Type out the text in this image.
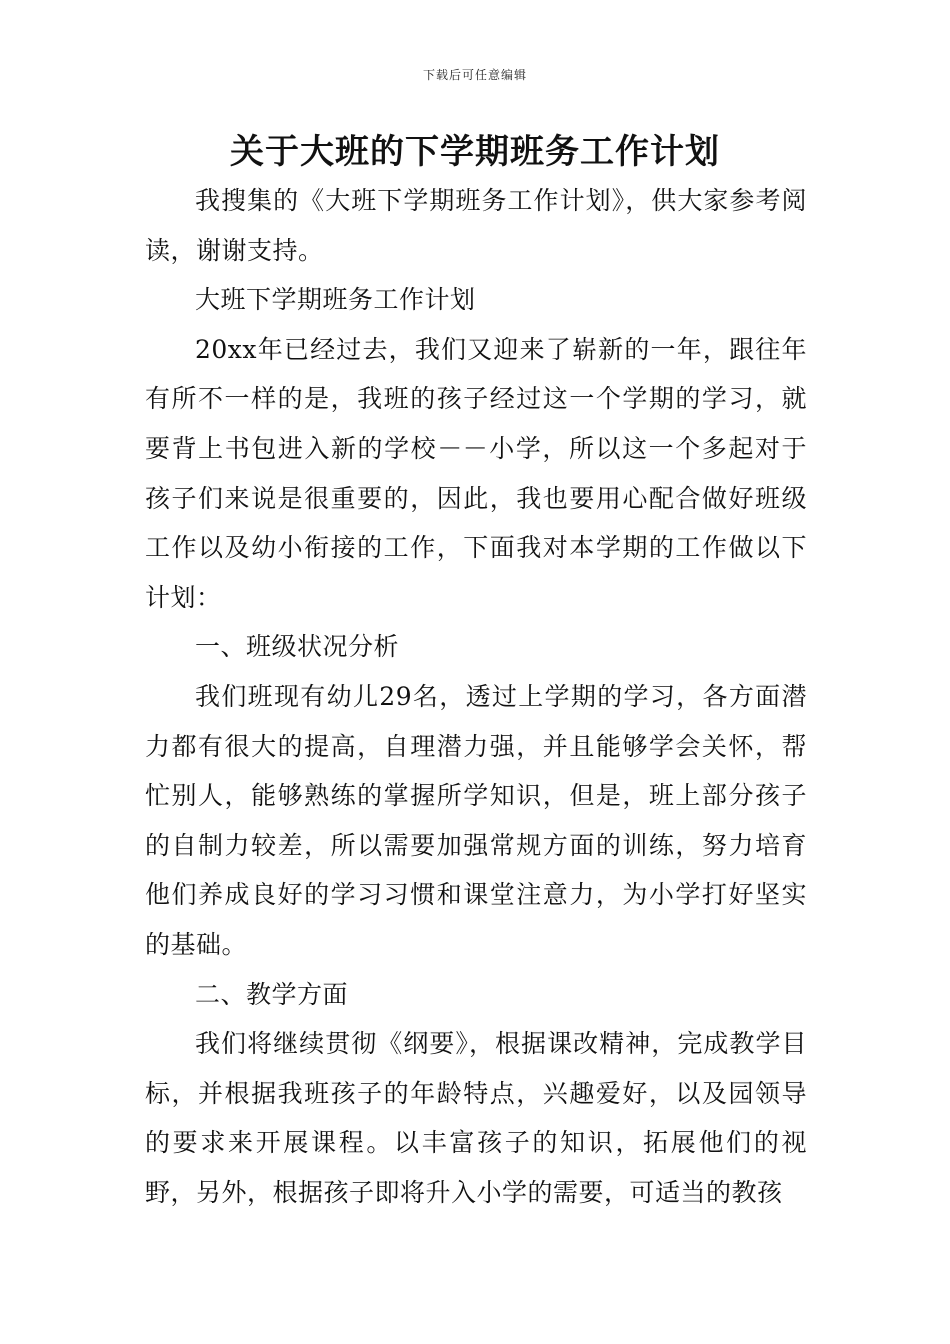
下载后可任意编辑
关于大班的下学期班务工作计划

我搜集的《大班下学期班务工作计划》，供大家参考阅读，谢谢支持。

大班下学期班务工作计划

20xx年已经过去，我们又迎来了崭新的一年，跟往年有所不一样的是，我班的孩子经过这一个学期的学习，就要背上书包进入新的学校－－小学，所以这一个多起对于孩子们来说是很重要的，因此，我也要用心配合做好班级工作以及幼小衔接的工作，下面我对本学期的工作做以下计划：

一、班级状况分析

我们班现有幼儿29名，透过上学期的学习，各方面潜力都有很大的提高，自理潜力强，并且能够学会关怀，帮忙别人，能够熟练的掌握所学知识，但是，班上部分孩子的自制力较差，所以需要加强常规方面的训练，努力培育他们养成良好的学习习惯和课堂注意力，为小学打好坚实的基础。

二、教学方面

我们将继续贯彻《纲要》，根据课改精神，完成教学目标，并根据我班孩子的年龄特点，兴趣爱好，以及园领导的要求来开展课程。以丰富孩子的知识，拓展他们的视野，另外，根据孩子即将升入小学的需要，可适当的教孩
